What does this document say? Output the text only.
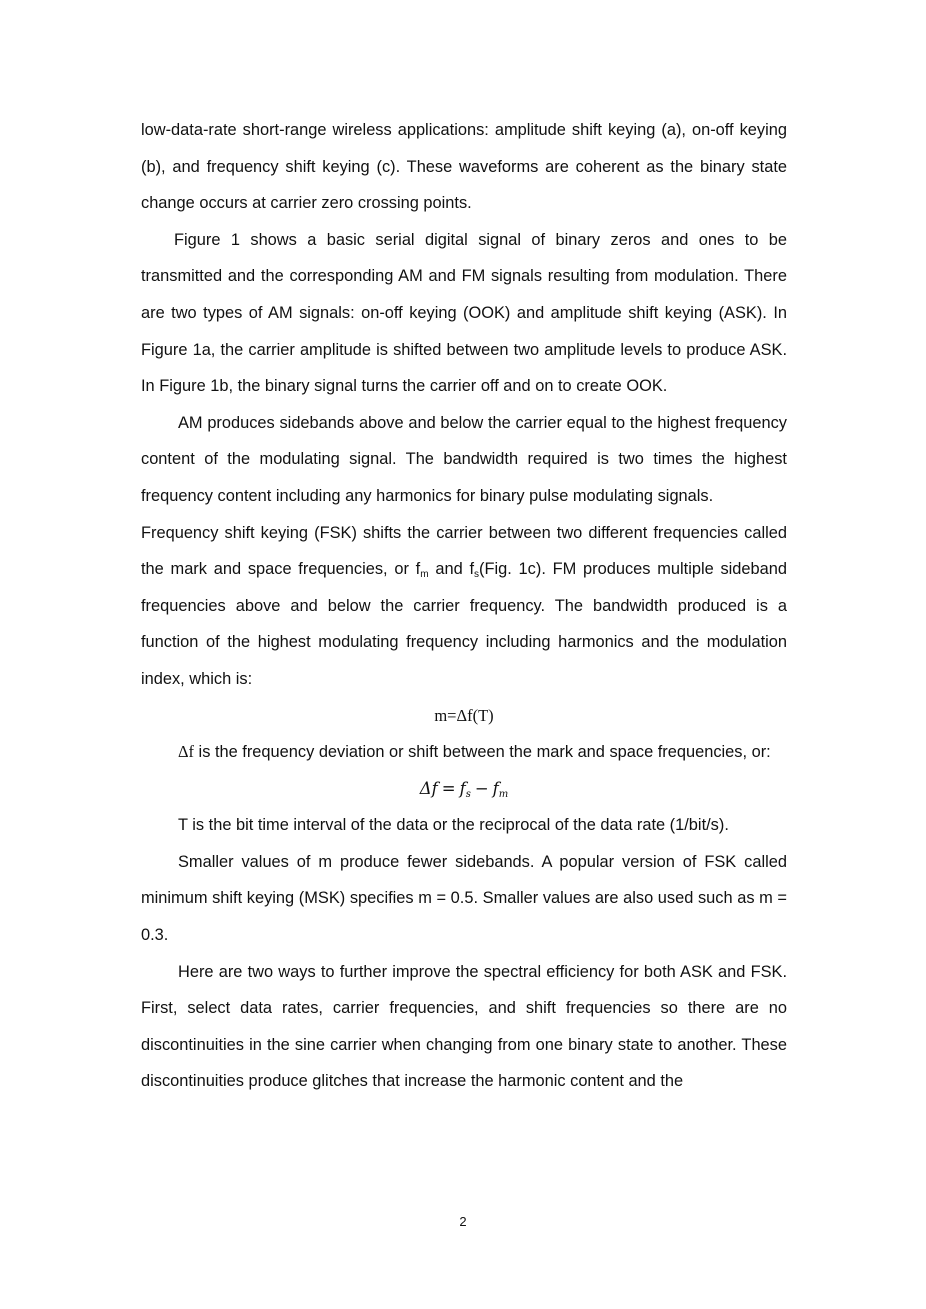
low-data-rate short-range wireless applications: amplitude shift keying (a), on-off keying (b), and frequency shift keying (c). These waveforms are coherent as the binary state change occurs at carrier zero crossing points.

Figure 1 shows a basic serial digital signal of binary zeros and ones to be transmitted and the corresponding AM and FM signals resulting from modulation. There are two types of AM signals: on-off keying (OOK) and amplitude shift keying (ASK). In Figure 1a, the carrier amplitude is shifted between two amplitude levels to produce ASK. In Figure 1b, the binary signal turns the carrier off and on to create OOK.

AM produces sidebands above and below the carrier equal to the highest frequency content of the modulating signal. The bandwidth required is two times the highest frequency content including any harmonics for binary pulse modulating signals.

Frequency shift keying (FSK) shifts the carrier between two different frequencies called the mark and space frequencies, or $f_m$ and $f_s(Fig$. 1c). FM produces multiple sideband frequencies above and below the carrier frequency. The bandwidth produced is a function of the highest modulating frequency including harmonics and the modulation index, which is:

m=Δf(T)

Δf is the frequency deviation or shift between the mark and space frequencies, or:

$\Delta f = f_s - f_m$

T is the bit time interval of the data or the reciprocal of the data rate (1/bit/s).

Smaller values of m produce fewer sidebands. A popular version of FSK called minimum shift keying (MSK) specifies m = 0.5. Smaller values are also used such as m = 0.3.

Here are two ways to further improve the spectral efficiency for both ASK and FSK. First, select data rates, carrier frequencies, and shift frequencies so there are no discontinuities in the sine carrier when changing from one binary state to another. These discontinuities produce glitches that increase the harmonic content and the

2
